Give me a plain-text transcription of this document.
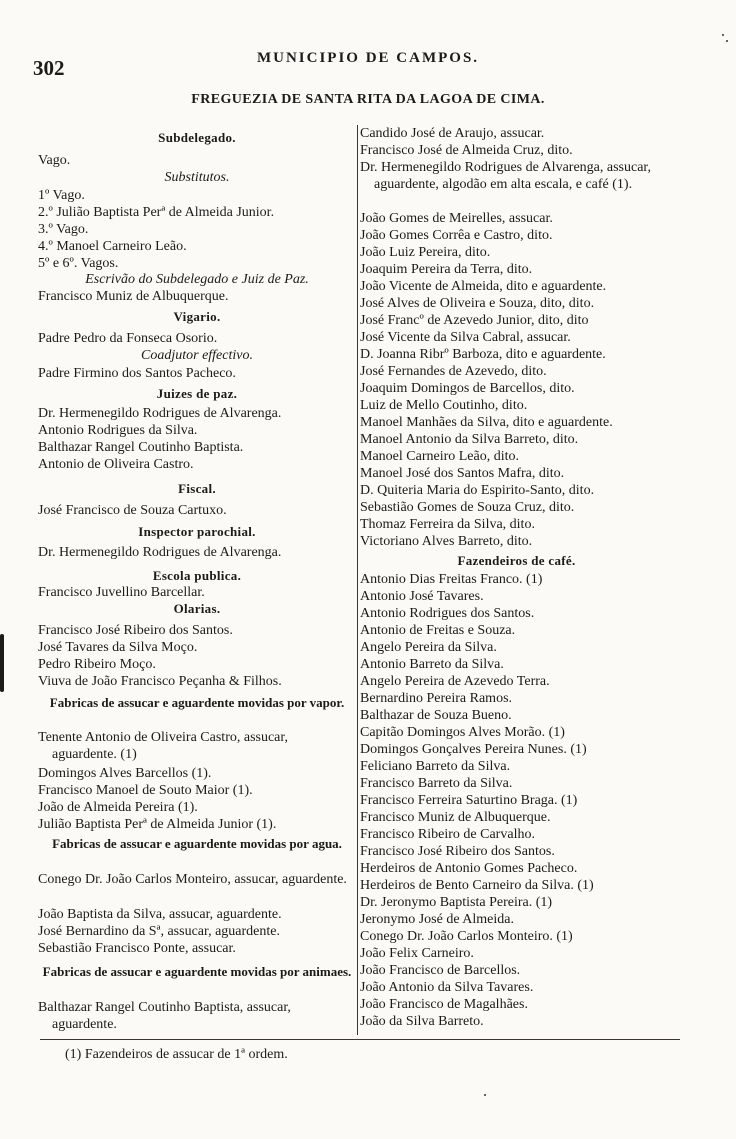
302	MUNICIPIO DE CAMPOS.
FREGUEZIA DE SANTA RITA DA LAGOA DE CIMA.
Subdelegado.
Vago.
Substitutos.
1º Vago.
2.º Julião Baptista Perª de Almeida Junior.
3.º Vago.
4.º Manoel Carneiro Leão.
5º e 6º. Vagos.
Escrivão do Subdelegado e Juiz de Paz.
Francisco Muniz de Albuquerque.
Vigario.
Padre Pedro da Fonseca Osorio.
Coadjutor effectivo.
Padre Firmino dos Santos Pacheco.
Juizes de paz.
Dr. Hermenegildo Rodrigues de Alvarenga.
Antonio Rodrigues da Silva.
Balthazar Rangel Coutinho Baptista.
Antonio de Oliveira Castro.
Fiscal.
José Francisco de Souza Cartuxo.
Inspector parochial.
Dr. Hermenegildo Rodrigues de Alvarenga.
Escola publica.
Francisco Juvellino Barcellar.
Olarias.
Francisco José Ribeiro dos Santos.
José Tavares da Silva Moço.
Pedro Ribeiro Moço.
Viuva de João Francisco Peçanha & Filhos.
Fabricas de assucar e aguardente movidas por vapor.
Tenente Antonio de Oliveira Castro, assucar, aguardente. (1)
Domingos Alves Barcellos (1).
Francisco Manoel de Souto Maior (1).
João de Almeida Pereira (1).
Julião Baptista Perª de Almeida Junior (1).
Fabricas de assucar e aguardente movidas por agua.
Conego Dr. João Carlos Monteiro, assucar, aguardente.
João Baptista da Silva, assucar, aguardente.
José Bernardino da Sª, assucar, aguardente.
Sebastião Francisco Ponte, assucar.
Fabricas de assucar e aguardente movidas por animaes.
Balthazar Rangel Coutinho Baptista, assucar, aguardente.
Candido José de Araujo, assucar.
Francisco José de Almeida Cruz, dito.
Dr. Hermenegildo Rodrigues de Alvarenga, assucar, aguardente, algodão em alta escala, e café (1).
João Gomes de Meirelles, assucar.
João Gomes Corrêa e Castro, dito.
João Luiz Pereira, dito.
Joaquim Pereira da Terra, dito.
João Vicente de Almeida, dito e aguardente.
José Alves de Oliveira e Souza, dito, dito.
José Francº de Azevedo Junior, dito, dito
José Vicente da Silva Cabral, assucar.
D. Joanna Ribrº Barboza, dito e aguardente.
José Fernandes de Azevedo, dito.
Joaquim Domingos de Barcellos, dito.
Luiz de Mello Coutinho, dito.
Manoel Manhães da Silva, dito e aguardente.
Manoel Antonio da Silva Barreto, dito.
Manoel Carneiro Leão, dito.
Manoel José dos Santos Mafra, dito.
D. Quiteria Maria do Espirito-Santo, dito.
Sebastião Gomes de Souza Cruz, dito.
Thomaz Ferreira da Silva, dito.
Victoriano Alves Barreto, dito.
Fazendeiros de café.
Antonio Dias Freitas Franco. (1)
Antonio José Tavares.
Antonio Rodrigues dos Santos.
Antonio de Freitas e Souza.
Angelo Pereira da Silva.
Antonio Barreto da Silva.
Angelo Pereira de Azevedo Terra.
Bernardino Pereira Ramos.
Balthazar de Souza Bueno.
Capitão Domingos Alves Morão. (1)
Domingos Gonçalves Pereira Nunes. (1)
Feliciano Barreto da Silva.
Francisco Barreto da Silva.
Francisco Ferreira Saturtino Braga. (1)
Francisco Muniz de Albuquerque.
Francisco Ribeiro de Carvalho.
Francisco José Ribeiro dos Santos.
Herdeiros de Antonio Gomes Pacheco.
Herdeiros de Bento Carneiro da Silva. (1)
Dr. Jeronymo Baptista Pereira. (1)
Jeronymo José de Almeida.
Conego Dr. João Carlos Monteiro. (1)
João Felix Carneiro.
João Francisco de Barcellos.
João Antonio da Silva Tavares.
João Francisco de Magalhães.
João da Silva Barreto.
(1) Fazendeiros de assucar de 1ª ordem.
